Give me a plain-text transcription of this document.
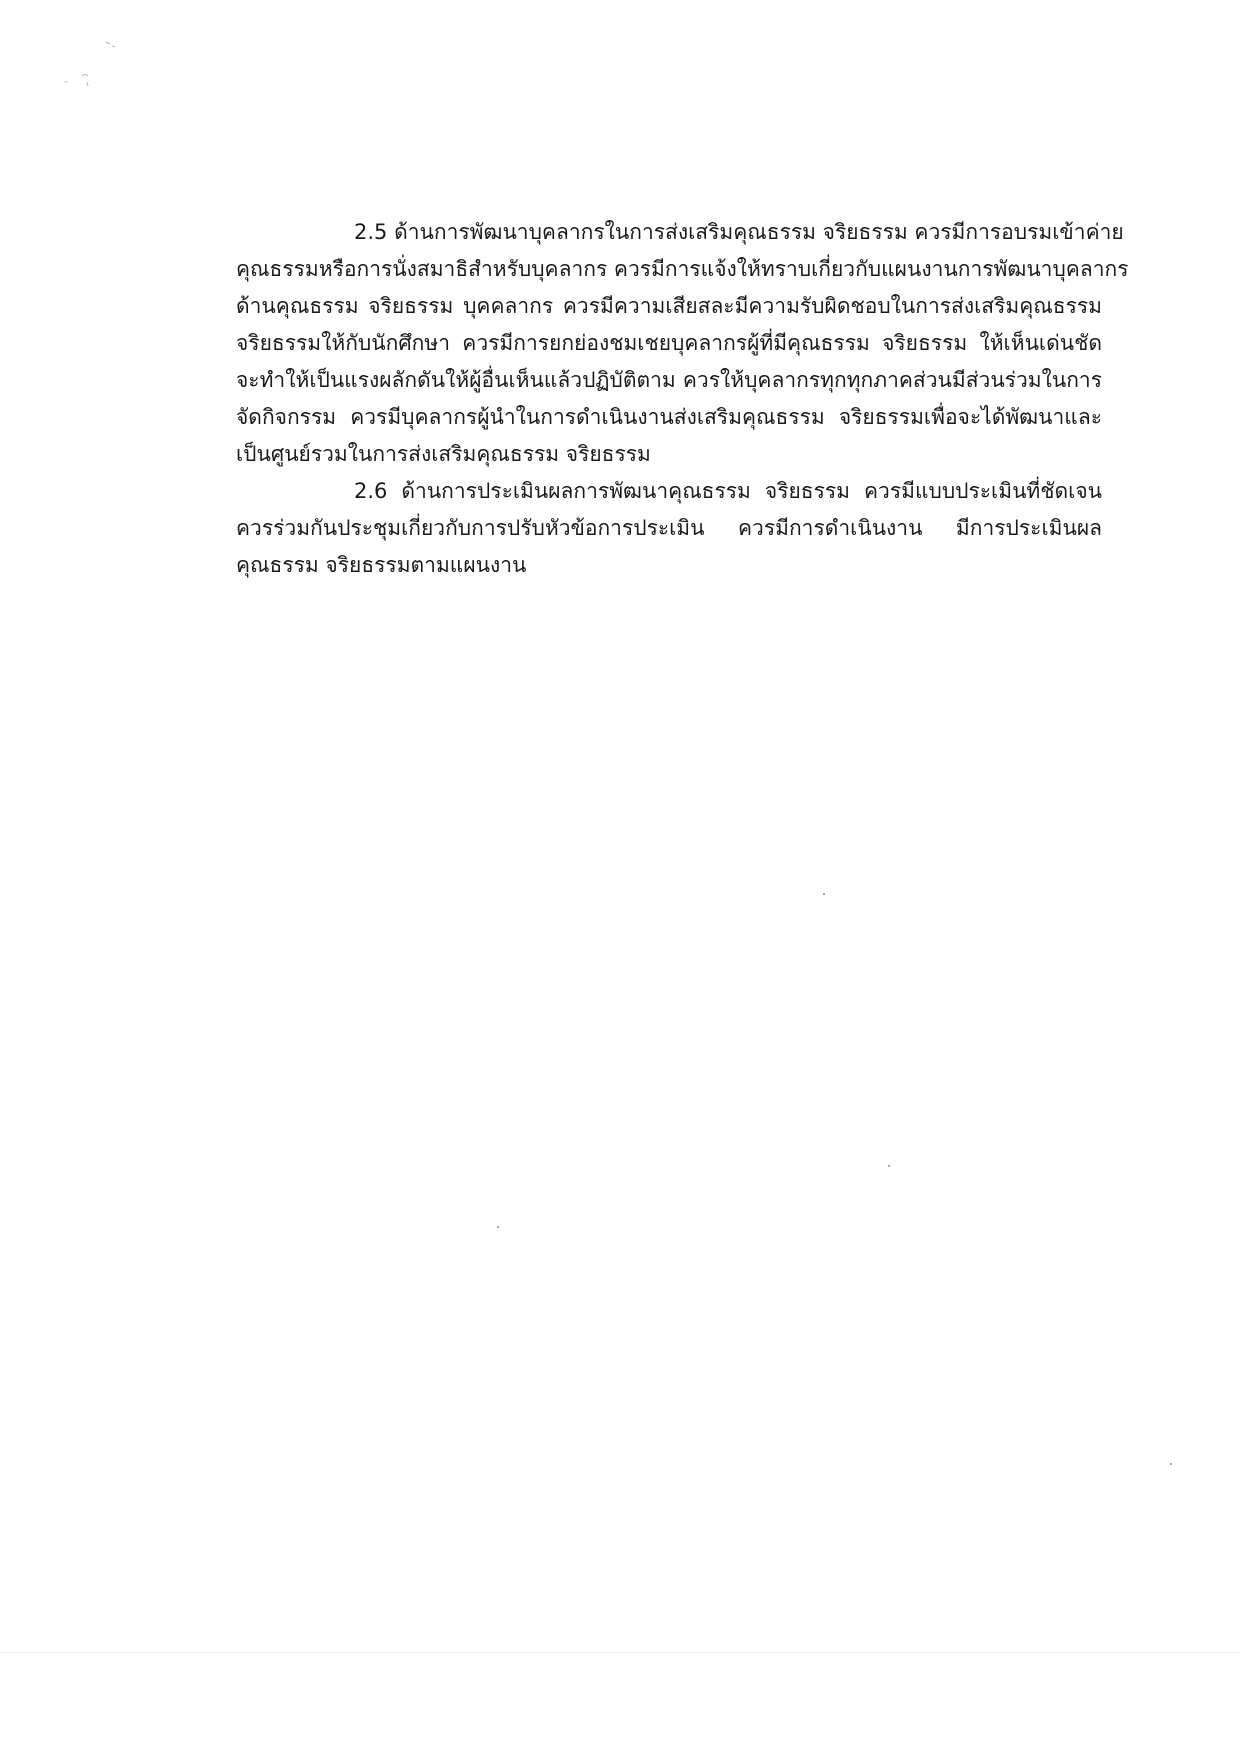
2.5 ด้านการพัฒนาบุคลากรในการส่งเสริมคุณธรรม จริยธรรม ควรมีการอบรมเข้าค่าย
คุณธรรมหรือการนั่งสมาธิสำหรับบุคลากร ควรมีการแจ้งให้ทราบเกี่ยวกับแผนงานการพัฒนาบุคลากร
ด้านคุณธรรม จริยธรรม บุคคลากร ควรมีความเสียสละมีความรับผิดชอบในการส่งเสริมคุณธรรม
จริยธรรมให้กับนักศึกษา ควรมีการยกย่องชมเชยบุคลากรผู้ที่มีคุณธรรม จริยธรรม ให้เห็นเด่นชัด
จะทำให้เป็นแรงผลักดันให้ผู้อื่นเห็นแล้วปฏิบัติตาม ควรให้บุคลากรทุกทุกภาคส่วนมีส่วนร่วมในการ
จัดกิจกรรม ควรมีบุคลากรผู้นำในการดำเนินงานส่งเสริมคุณธรรม จริยธรรมเพื่อจะได้พัฒนาและ
เป็นศูนย์รวมในการส่งเสริมคุณธรรม จริยธรรม
2.6 ด้านการประเมินผลการพัฒนาคุณธรรม จริยธรรม ควรมีแบบประเมินที่ชัดเจน
ควรร่วมกันประชุมเกี่ยวกับการปรับหัวข้อการประเมิน ควรมีการดำเนินงาน มีการประเมินผล
คุณธรรม จริยธรรมตามแผนงาน
